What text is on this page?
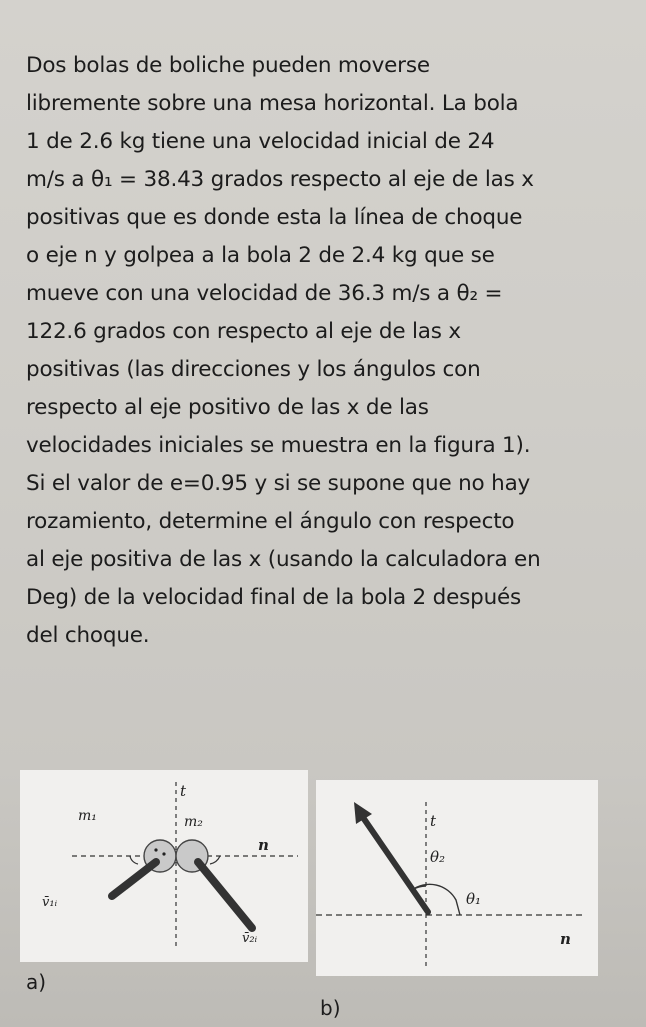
Dos bolas de boliche pueden moverse

libremente sobre una mesa horizontal. La bola

1 de 2.6 kg tiene una velocidad inicial de 24

m/s a θ₁ = 38.43 grados respecto al eje de las x

positivas que es donde esta la línea de choque

o eje n y golpea a la bola 2 de 2.4 kg que se

mueve con una velocidad de 36.3 m/s a θ₂ =

122.6 grados con respecto al eje de las x

positivas (las direcciones y los ángulos con

respecto al eje positivo de las x de las

velocidades iniciales se muestra en la figura 1).

Si el valor de e=0.95 y si se supone que no hay

rozamiento, determine el ángulo con respecto

al eje positiva de las x (usando la calculadora en

Deg) de la velocidad final de la bola 2 después

del choque.

t
n
m₁	m₂
v̄₁ᵢ
v̄₂ᵢ
a)
t
n
θ₂
θ₁
b)
